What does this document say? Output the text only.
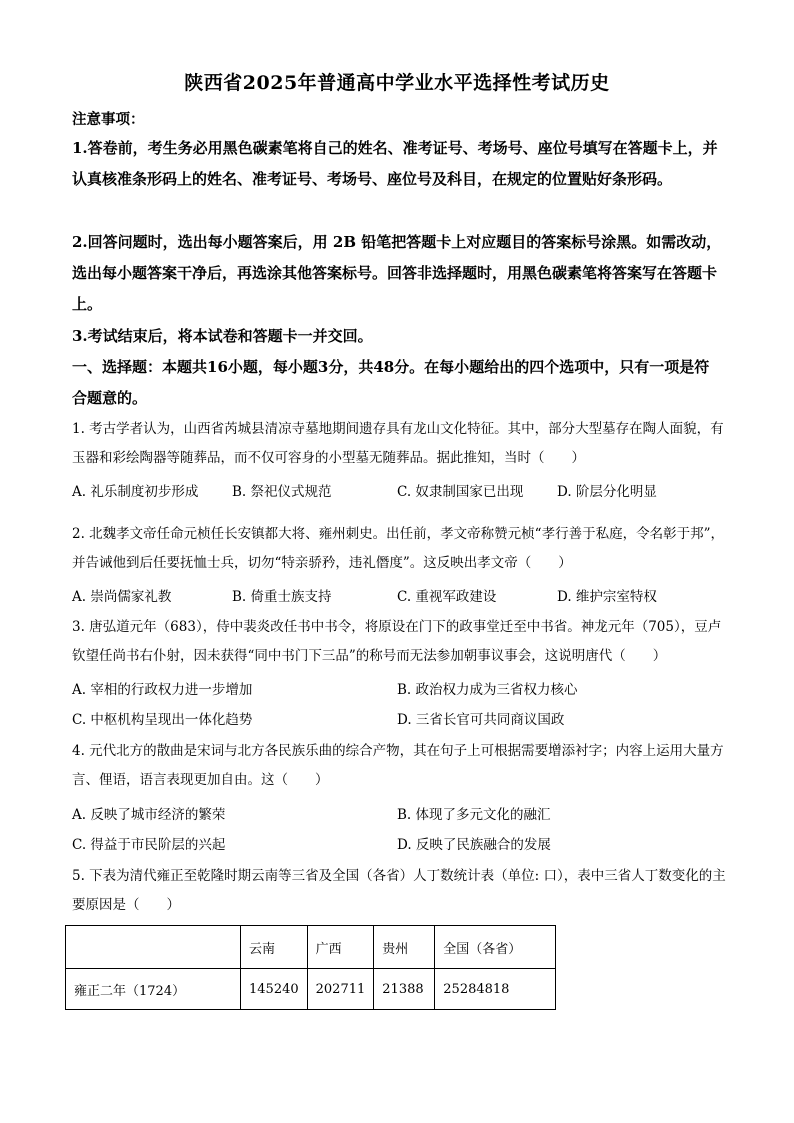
陕西省2025年普通高中学业水平选择性考试历史
注意事项：
1.答卷前，考生务必用黑色碳素笔将自己的姓名、准考证号、考场号、座位号填写在答题卡上，并认真核准条形码上的姓名、准考证号、考场号、座位号及科目，在规定的位置贴好条形码。
2.回答问题时，选出每小题答案后，用 2B 铅笔把答题卡上对应题目的答案标号涂黑。如需改动，选出每小题答案干净后，再选涂其他答案标号。回答非选择题时，用黑色碳素笔将答案写在答题卡上。
3.考试结束后，将本试卷和答题卡一并交回。
一、选择题：本题共16小题，每小题3分，共48分。在每小题给出的四个选项中，只有一项是符合题意的。
1. 考古学者认为，山西省芮城县清凉寺墓地期间遗存具有龙山文化特征。其中，部分大型墓存在陶人面貌，有玉器和彩绘陶器等随葬品，而不仅可容身的小型墓无随葬品。据此推知，当时（　　）
A. 礼乐制度初步形成 B. 祭祀仪式规范	C. 奴隶制国家已出现 D. 阶层分化明显
2. 北魏孝文帝任命元桢任长安镇都大将、雍州刺史。出任前，孝文帝称赞元桢“孝行善于私庭，令名彰于邦”，并告诫他到后任要抚恤士兵，切勿“特亲骄矜，违礼僭度”。这反映出孝文帝（　　）
A. 崇尚儒家礼教	B. 倚重士族支持	C. 重视军政建设	D. 维护宗室特权
3. 唐弘道元年（683），侍中裴炎改任书中书令，将原设在门下的政事堂迁至中书省。神龙元年（705），豆卢钦望任尚书右仆射，因未获得“同中书门下三品”的称号而无法参加朝事议事会，这说明唐代（　　）
A. 宰相的行政权力进一步增加	B. 政治权力成为三省权力核心
C. 中枢机构呈现出一体化趋势	D. 三省长官可共同商议国政
4. 元代北方的散曲是宋词与北方各民族乐曲的综合产物，其在句子上可根据需要增添衬字；内容上运用大量方言、俚语，语言表现更加自由。这（　　）
A. 反映了城市经济的繁荣	B. 体现了多元文化的融汇
C. 得益于市民阶层的兴起	D. 反映了民族融合的发展
5. 下表为清代雍正至乾隆时期云南等三省及全国（各省）人丁数统计表（单位: 口），表中三省人丁数变化的主要原因是（　　）
	云南	广西	贵州	全国（各省）
雍正二年（1724）	145240	202711	21388	25284818
